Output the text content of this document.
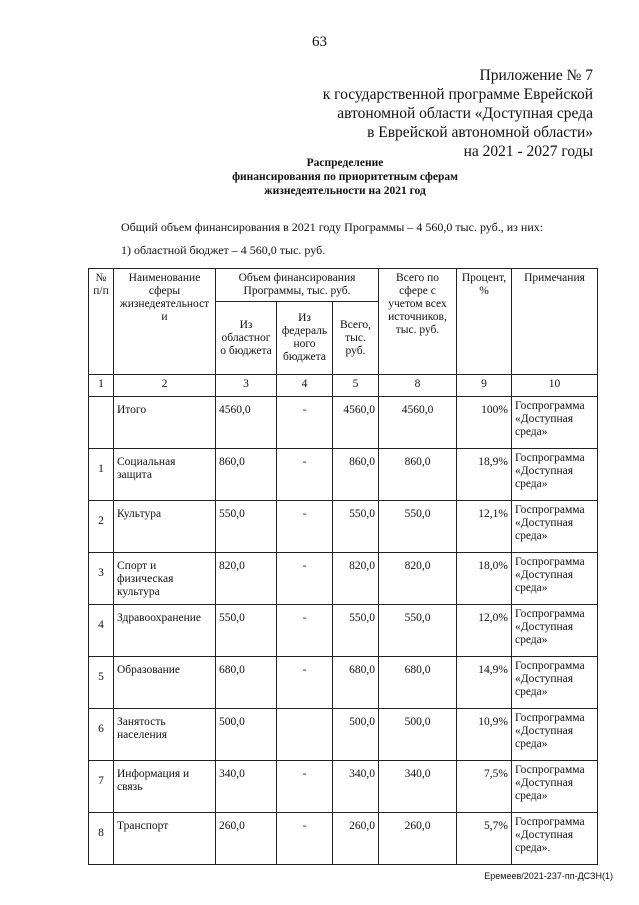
63
Приложение № 7
к государственной программе Еврейской
автономной области «Доступная среда
в Еврейской автономной области»
на 2021 - 2027 годы
Распределение
финансирования по приоритетным сферам
жизнедеятельности на 2021 год
Общий объем финансирования в 2021 году Программы – 4 560,0 тыс. руб., из них:
1) областной бюджет – 4 560,0 тыс. руб.
№ п/п	Наименование сферы жизнедеятельност и	Объем финансирования Программы, тыс. руб.			Всего по сфере с учетом всех источников, тыс. руб.	Процент, %	Примечания
		Из областног о бюджета	Из федераль ного бюджета	Всего, тыс. руб.			
1	2	3	4	5	8	9	10
	Итого	4560,0	-	4560,0	4560,0	100%	Госпрограмма «Доступная среда»
1	Социальная защита	860,0	-	860,0	860,0	18,9%	Госпрограмма «Доступная среда»
2	Культура	550,0	-	550,0	550,0	12,1%	Госпрограмма «Доступная среда»
3	Спорт и физическая культура	820,0	-	820,0	820,0	18,0%	Госпрограмма «Доступная среда»
4	Здравоохранение	550,0	-	550,0	550,0	12,0%	Госпрограмма «Доступная среда»
5	Образование	680,0	-	680,0	680,0	14,9%	Госпрограмма «Доступная среда»
6	Занятость населения	500,0		500,0	500,0	10,9%	Госпрограмма «Доступная среда»
7	Информация и связь	340,0	-	340,0	340,0	7,5%	Госпрограмма «Доступная среда»
8	Транспорт	260,0	-	260,0	260,0	5,7%	Госпрограмма «Доступная среда».
Еремеев/2021-237-пп-ДСЗН(1)
